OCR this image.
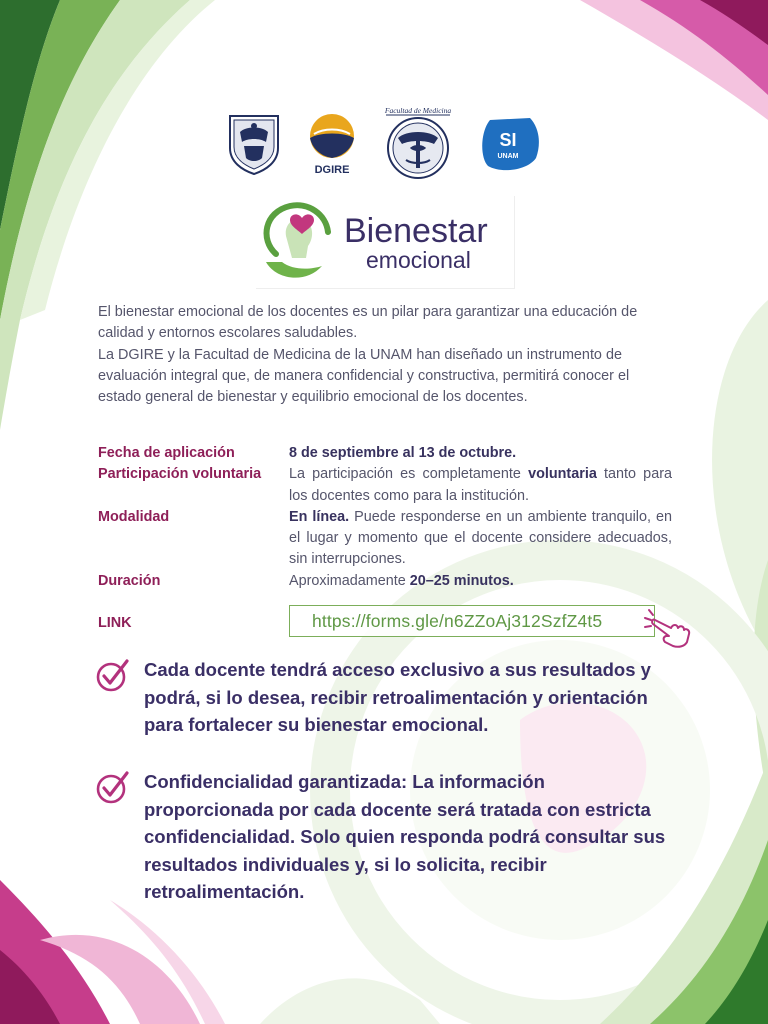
DGIRE
Facultad de Medicina
SI
UNAM
Bienestar
emocional

El bienestar emocional de los docentes es un pilar para garantizar una educación de calidad y entornos escolares saludables.

La DGIRE y la Facultad de Medicina de la UNAM han diseñado un instrumento de evaluación integral que, de manera confidencial y constructiva, permitirá conocer el estado general de bienestar y equilibrio emocional de los docentes.

Fecha de aplicación	8 de septiembre al 13 de octubre.
Participación voluntaria	La participación es completamente voluntaria tanto para los docentes como para la institución.
Modalidad	En línea. Puede responderse en un ambiente tranquilo, en el lugar y momento que el docente considere adecuados, sin interrupciones.
Duración	Aproximadamente 20–25 minutos.
LINK	https://forms.gle/n6ZZoAj312SzfZ4t5
Cada docente tendrá acceso exclusivo a sus resultados y podrá, si lo desea, recibir retroalimentación y orientación para fortalecer su bienestar emocional.
Confidencialidad garantizada: La información proporcionada por cada docente será tratada con estricta confidencialidad. Solo quien responda podrá consultar sus resultados individuales y, si lo solicita, recibir retroalimentación.
